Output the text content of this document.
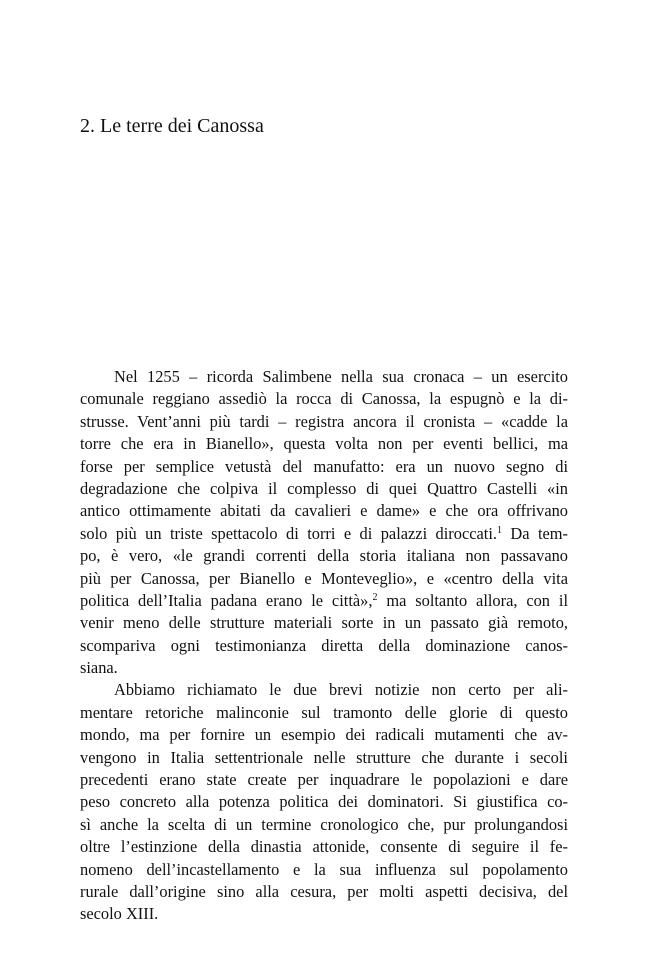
2. Le terre dei Canossa
Nel 1255 – ricorda Salimbene nella sua cronaca – un esercito
comunale reggiano assediò la rocca di Canossa, la espugnò e la di-
strusse. Vent’anni più tardi – registra ancora il cronista – «cadde la
torre che era in Bianello», questa volta non per eventi bellici, ma
forse per semplice vetustà del manufatto: era un nuovo segno di
degradazione che colpiva il complesso di quei Quattro Castelli «in
antico ottimamente abitati da cavalieri e dame» e che ora offrivano
solo più un triste spettacolo di torri e di palazzi diroccati.$^1$ Da tem-
po, è vero, «le grandi correnti della storia italiana non passavano
più per Canossa, per Bianello e Monteveglio», e «centro della vita
politica dell’Italia padana erano le città»,$^2$ ma soltanto allora, con il
venir meno delle strutture materiali sorte in un passato già remoto,
scompariva ogni testimonianza diretta della dominazione canos-
siana.
Abbiamo richiamato le due brevi notizie non certo per ali-
mentare retoriche malinconie sul tramonto delle glorie di questo
mondo, ma per fornire un esempio dei radicali mutamenti che av-
vengono in Italia settentrionale nelle strutture che durante i secoli
precedenti erano state create per inquadrare le popolazioni e dare
peso concreto alla potenza politica dei dominatori. Si giustifica co-
sì anche la scelta di un termine cronologico che, pur prolungandosi
oltre l’estinzione della dinastia attonide, consente di seguire il fe-
nomeno dell’incastellamento e la sua influenza sul popolamento
rurale dall’origine sino alla cesura, per molti aspetti decisiva, del
secolo XIII.
